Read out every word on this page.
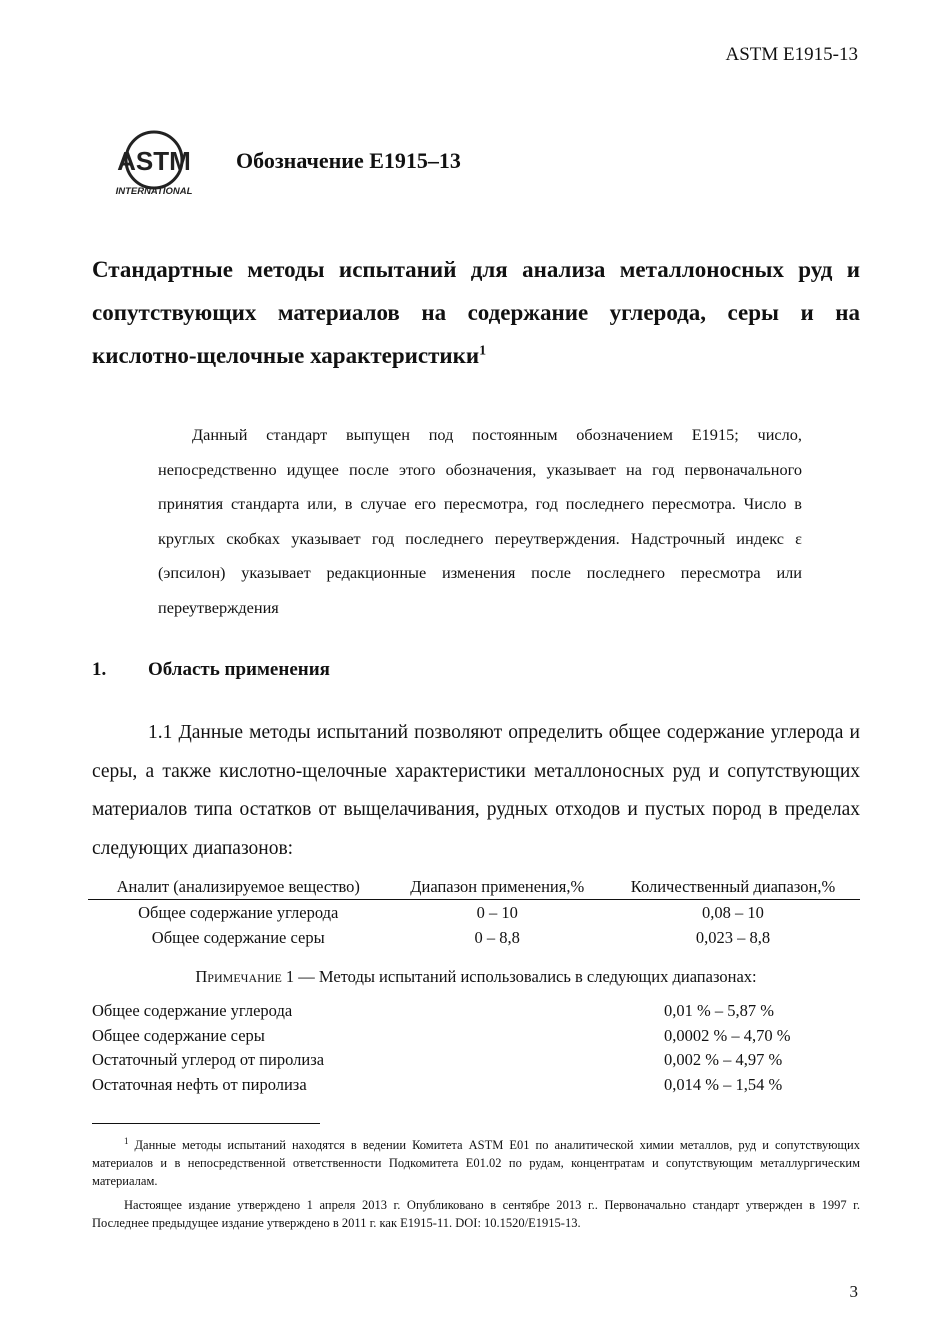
ASTM E1915-13
ASTM
INTERNATIONAL
Обозначение E1915–13
Стандартные методы испытаний для анализа металлоносных руд и сопутствующих материалов на содержание углерода, серы и на кислотно-щелочные характеристики$^1$
Данный стандарт выпущен под постоянным обозначением E1915; число, непосредственно идущее после этого обозначения, указывает на год первоначального принятия стандарта или, в случае его пересмотра, год последнего пересмотра. Число в круглых скобках указывает год последнего переутверждения. Надстрочный индекс ε (эпсилон) указывает редакционные изменения после последнего пересмотра или переутверждения
1. Область применения
1.1 Данные методы испытаний позволяют определить общее содержание углерода и серы, а также кислотно-щелочные характеристики металлоносных руд и сопутствующих материалов типа остатков от выщелачивания, рудных отходов и пустых пород в пределах следующих диапазонов:
Аналит (анализируемое вещество)	Диапазон применения,%	Количественный диапазон,%
Общее содержание углерода	0 – 10	0,08 – 10
Общее содержание серы	0 – 8,8	0,023 – 8,8
Примечание 1 — Методы испытаний использовались в следующих диапазонах:
Общее содержание углерода	0,01 % – 5,87 %
Общее содержание серы	0,0002 % – 4,70 %
Остаточный углерод от пиролиза	0,002 % – 4,97 %
Остаточная нефть от пиролиза	0,014 % – 1,54 %
$^1$ Данные методы испытаний находятся в ведении Комитета ASTM E01 по аналитической химии металлов, руд и сопутствующих материалов и в непосредственной ответственности Подкомитета E01.02 по рудам, концентратам и сопутствующим металлургическим материалам.
Настоящее издание утверждено 1 апреля 2013 г. Опубликовано в сентябре 2013 г.. Первоначально стандарт утвержден в 1997 г. Последнее предыдущее издание утверждено в 2011 г. как E1915-11. DOI: 10.1520/E1915-13.
3
